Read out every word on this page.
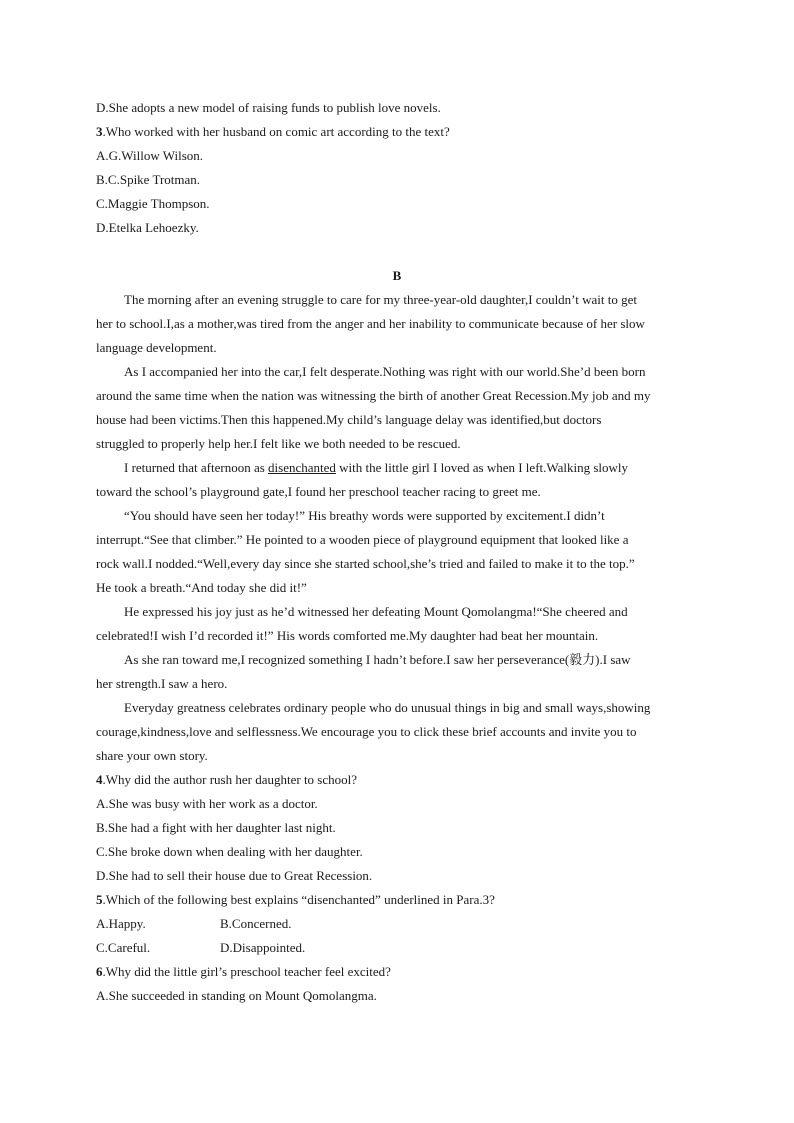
D.She adopts a new model of raising funds to publish love novels.
3.Who worked with her husband on comic art according to the text?
A.G.Willow Wilson.
B.C.Spike Trotman.
C.Maggie Thompson.
D.Etelka Lehoezky.
B
The morning after an evening struggle to care for my three-year-old daughter,I couldn’t wait to get
her to school.I,as a mother,was tired from the anger and her inability to communicate because of her slow
language development.
As I accompanied her into the car,I felt desperate.Nothing was right with our world.She’d been born
around the same time when the nation was witnessing the birth of another Great Recession.My job and my
house had been victims.Then this happened.My child’s language delay was identified,but doctors
struggled to properly help her.I felt like we both needed to be rescued.
I returned that afternoon as disenchanted with the little girl I loved as when I left.Walking slowly
toward the school’s playground gate,I found her preschool teacher racing to greet me.
“You should have seen her today!” His breathy words were supported by excitement.I didn’t
interrupt.“See that climber.” He pointed to a wooden piece of playground equipment that looked like a
rock wall.I nodded.“Well,every day since she started school,she’s tried and failed to make it to the top.”
He took a breath.“And today she did it!”
He expressed his joy just as he’d witnessed her defeating Mount Qomolangma!“She cheered and
celebrated!I wish I’d recorded it!” His words comforted me.My daughter had beat her mountain.
As she ran toward me,I recognized something I hadn’t before.I saw her perseverance(毅力).I saw
her strength.I saw a hero.
Everyday greatness celebrates ordinary people who do unusual things in big and small ways,showing
courage,kindness,love and selflessness.We encourage you to click these brief accounts and invite you to
share your own story.
4.Why did the author rush her daughter to school?
A.She was busy with her work as a doctor.
B.She had a fight with her daughter last night.
C.She broke down when dealing with her daughter.
D.She had to sell their house due to Great Recession.
5.Which of the following best explains “disenchanted” underlined in Para.3?
A.Happy.	B.Concerned.
C.Careful.	D.Disappointed.
6.Why did the little girl’s preschool teacher feel excited?
A.She succeeded in standing on Mount Qomolangma.
